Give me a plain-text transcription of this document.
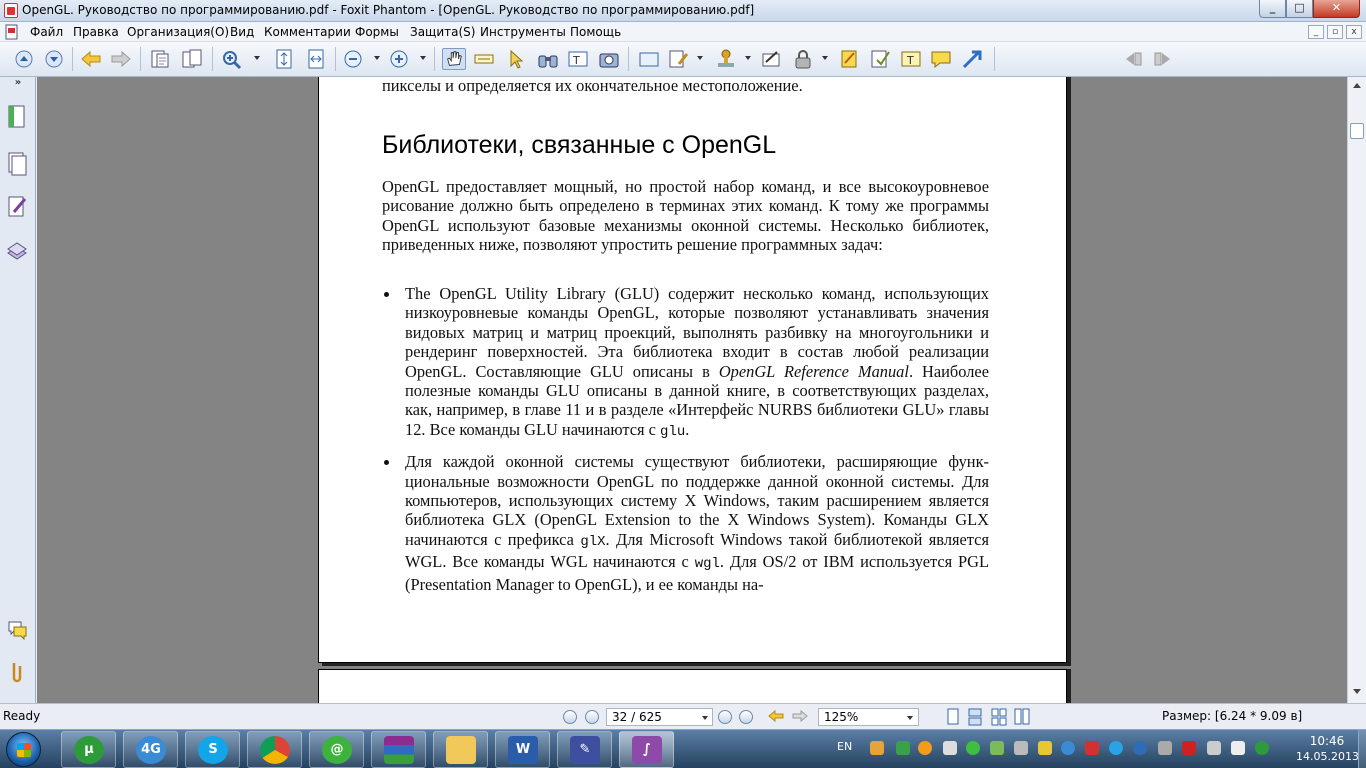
OpenGL. Руководство по программированию.pdf - Foxit Phantom - [OpenGL. Руководство по программированию.pdf]	_	□	✕
Файл Правка Организация(O) Вид Комментарии Формы Защита(S) Инструменты Помощь	_	▫	x
T	T
»	пикселы и определяется их окончательное местоположение.
Библиотеки, связанные с OpenGL

OpenGL предоставляет мощный, но простой набор команд, и все высокоуровневое рисование должно быть определено в терминах этих команд. К тому же программы OpenGL используют базовые механизмы оконной системы. Несколько библиотек, приведенных ниже, позволяют упростить решение программных задач:

The OpenGL Utility Library (GLU) содержит несколько команд, использующих низкоуровневые команды OpenGL, которые позволяют устанавливать значения видовых матриц и матриц проекций, выполнять разбивку на многоугольники и рендеринг поверхностей. Эта библиотека входит в состав любой реализации OpenGL. Составляющие GLU описаны в OpenGL Reference Manual. Наиболее полезные команды GLU описаны в данной книге, в соответствующих разделах, как, например, в главе 11 и в разделе «Интерфейс NURBS библиотеки GLU» главы 12. Все команды GLU начинаются с glu.
Для каждой оконной системы существуют библиотеки, расширяющие функциональные возможности OpenGL по поддержке данной оконной системы. Для компьютеров, использующих систему X Windows, таким расширением является библиотека GLX (OpenGL Extension to the X Windows System). Команды GLX начинаются с префикса glX. Для Microsoft Windows такой библиотекой является WGL. Все команды WGL начинаются с wgl. Для OS/2 от IBM используется PGL (Presentation Manager to OpenGL), и ее команды на-
Ready	32 / 625	125%	Размер: [6.24 * 9.09 в]
µ	4G	S	@	W	✎	∫	EN	10:46
14.05.2013
